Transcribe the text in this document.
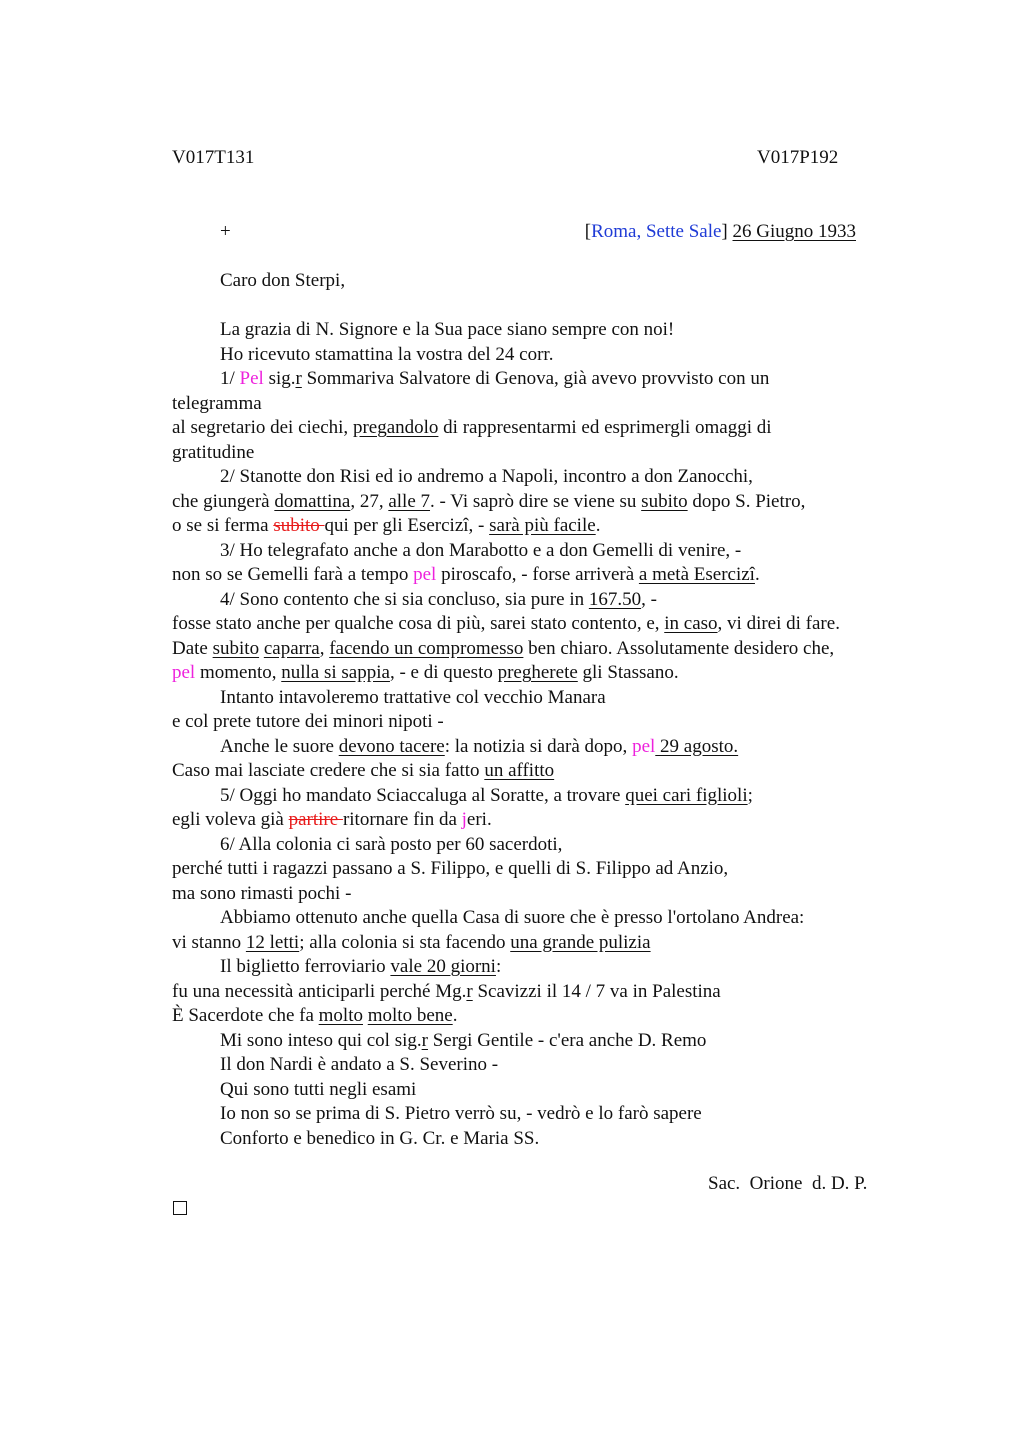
V017T131	V017P192
+	[Roma, Sette Sale] 26 Giugno 1933
Caro don Sterpi,
La grazia di N. Signore e la Sua pace siano sempre con noi!
Ho ricevuto stamattina la vostra del 24 corr.
1/ Pel sig.r Sommariva Salvatore di Genova, già avevo provvisto con un
telegramma
al segretario dei ciechi, pregandolo di rappresentarmi ed esprimergli omaggi di
gratitudine
2/ Stanotte don Risi ed io andremo a Napoli, incontro a don Zanocchi,
che giungerà domattina, 27, alle 7. - Vi saprò dire se viene su subito dopo S. Pietro,
o se si ferma subito qui per gli Esercizî, - sarà più facile.
3/ Ho telegrafato anche a don Marabotto e a don Gemelli di venire, -
non so se Gemelli farà a tempo pel piroscafo, - forse arriverà a metà Esercizî.
4/ Sono contento che si sia concluso, sia pure in 167.50, -
fosse stato anche per qualche cosa di più, sarei stato contento, e, in caso, vi direi di fare.
Date subito caparra, facendo un compromesso ben chiaro. Assolutamente desidero che,
pel momento, nulla si sappia, - e di questo pregherete gli Stassano.
Intanto intavoleremo trattative col vecchio Manara
e col prete tutore dei minori nipoti -
Anche le suore devono tacere: la notizia si darà dopo, pel 29 agosto.
Caso mai lasciate credere che si sia fatto un affitto
5/ Oggi ho mandato Sciaccaluga al Soratte, a trovare quei cari figlioli;
egli voleva già partire ritornare fin da jeri.
6/ Alla colonia ci sarà posto per 60 sacerdoti,
perché tutti i ragazzi passano a S. Filippo, e quelli di S. Filippo ad Anzio,
ma sono rimasti pochi -
Abbiamo ottenuto anche quella Casa di suore che è presso l'ortolano Andrea:
vi stanno 12 letti; alla colonia si sta facendo una grande pulizia
Il biglietto ferroviario vale 20 giorni:
fu una necessità anticiparli perché Mg.r Scavizzi il 14 / 7 va in Palestina
È Sacerdote che fa molto molto bene.
Mi sono inteso qui col sig.r Sergi Gentile - c'era anche D. Remo
Il don Nardi è andato a S. Severino -
Qui sono tutti negli esami
Io non so se prima di S. Pietro verrò su, - vedrò e lo farò sapere
Conforto e benedico in G. Cr. e Maria SS.
Sac.  Orione  d. D. P.
